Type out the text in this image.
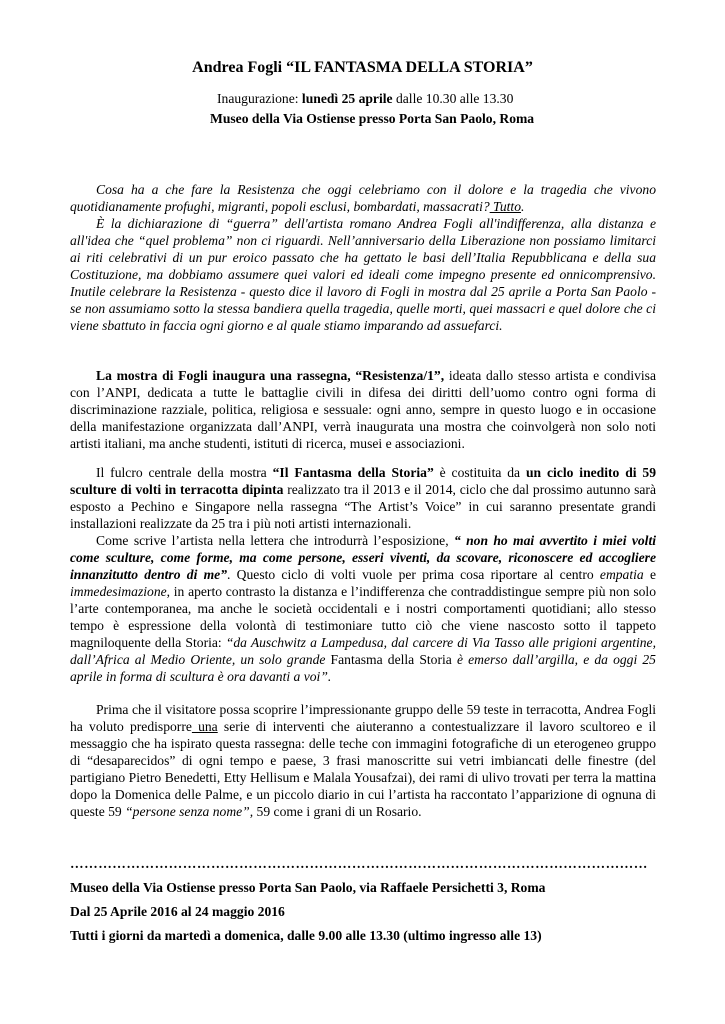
Andrea Fogli “IL FANTASMA DELLA STORIA”
Inaugurazione: lunedì 25 aprile dalle 10.30 alle 13.30
Museo della Via Ostiense presso Porta San Paolo, Roma

Cosa ha a che fare la Resistenza che oggi celebriamo con il dolore e la tragedia che vivono quotidianamente profughi, migranti, popoli esclusi, bombardati, massacrati? Tutto.

È la dichiarazione di “guerra” dell'artista romano Andrea Fogli all'indifferenza, alla distanza e all'idea che “quel problema” non ci riguardi. Nell’anniversario della Liberazione non possiamo limitarci ai riti celebrativi di un pur eroico passato che ha gettato le basi dell’Italia Repubblicana e della sua Costituzione, ma dobbiamo assumere quei valori ed ideali come impegno presente ed onnicomprensivo. Inutile celebrare la Resistenza - questo dice il lavoro di Fogli in mostra dal 25 aprile a Porta San Paolo - se non assumiamo sotto la stessa bandiera quella tragedia, quelle morti, quei massacri e quel dolore che ci viene sbattuto in faccia ogni giorno e al quale stiamo imparando ad assuefarci.

La mostra di Fogli inaugura una rassegna, “Resistenza/1”, ideata dallo stesso artista e condivisa con l’ANPI, dedicata a tutte le battaglie civili in difesa dei diritti dell’uomo contro ogni forma di discriminazione razziale, politica, religiosa e sessuale: ogni anno, sempre in questo luogo e in occasione della manifestazione organizzata dall’ANPI, verrà inaugurata una mostra che coinvolgerà non solo noti artisti italiani, ma anche studenti, istituti di ricerca, musei e associazioni.

Il fulcro centrale della mostra “Il Fantasma della Storia” è costituita da un ciclo inedito di 59 sculture di volti in terracotta dipinta realizzato tra il 2013 e il 2014, ciclo che dal prossimo autunno sarà esposto a Pechino e Singapore nella rassegna “The Artist’s Voice” in cui saranno presentate grandi installazioni realizzate da 25 tra i più noti artisti internazionali.

Come scrive l’artista nella lettera che introdurrà l’esposizione, “ non ho mai avvertito i miei volti come sculture, come forme, ma come persone, esseri viventi, da scovare, riconoscere ed accogliere innanzitutto dentro di me”. Questo ciclo di volti vuole per prima cosa riportare al centro empatia e immedesimazione, in aperto contrasto la distanza e l’indifferenza che contraddistingue sempre più non solo l’arte contemporanea, ma anche le società occidentali e i nostri comportamenti quotidiani; allo stesso tempo è espressione della volontà di testimoniare tutto ciò che viene nascosto sotto il tappeto magniloquente della Storia: “da Auschwitz a Lampedusa, dal carcere di Via Tasso alle prigioni argentine, dall’Africa al Medio Oriente, un solo grande Fantasma della Storia è emerso dall’argilla, e da oggi 25 aprile in forma di scultura è ora davanti a voi”.

Prima che il visitatore possa scoprire l’impressionante gruppo delle 59 teste in terracotta, Andrea Fogli ha voluto predisporre una serie di interventi che aiuteranno a contestualizzare il lavoro scultoreo e il messaggio che ha ispirato questa rassegna: delle teche con immagini fotografiche di un eterogeneo gruppo di “desaparecidos” di ogni tempo e paese, 3 frasi manoscritte sui vetri imbiancati delle finestre (del partigiano Pietro Benedetti, Etty Hellisum e Malala Yousafzai), dei rami di ulivo trovati per terra la mattina dopo la Domenica delle Palme, e un piccolo diario in cui l’artista ha raccontato l’apparizione di ognuna di queste 59 “persone senza nome”, 59 come i grani di un Rosario.

……………………………………………………………………………………………………………
Museo della Via Ostiense presso Porta San Paolo, via Raffaele Persichetti 3, Roma
Dal 25 Aprile 2016 al 24 maggio 2016
Tutti i giorni da martedì a domenica, dalle 9.00 alle 13.30 (ultimo ingresso alle 13)
